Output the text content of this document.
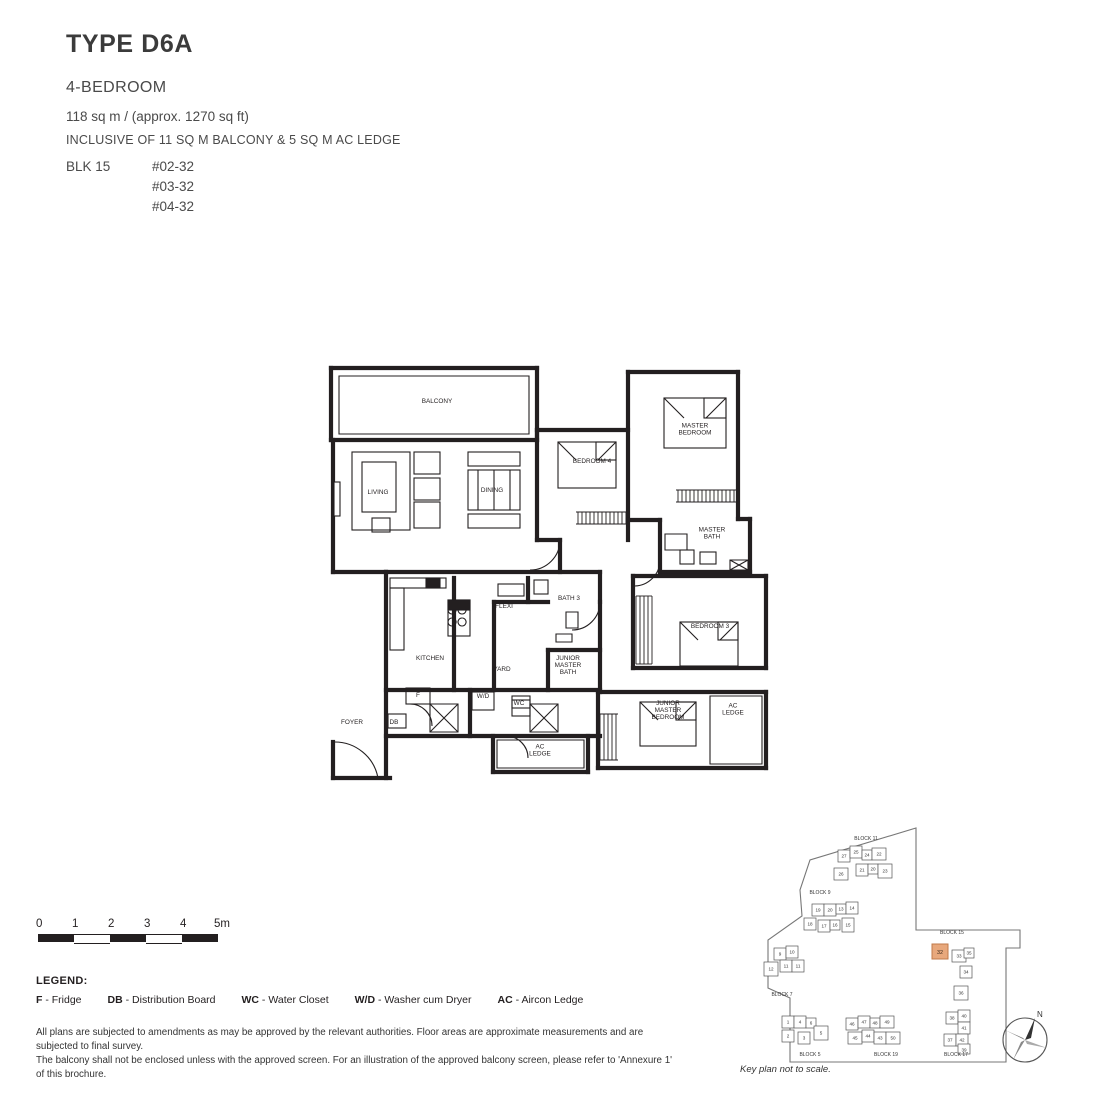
TYPE D6A
4-BEDROOM
118 sq m / (approx. 1270 sq ft)
INCLUSIVE OF 11 SQ M BALCONY & 5 SQ M AC LEDGE
BLK 15	#02-32
#03-32
#04-32
BALCONY
LIVING	DINING
BEDROOM 4
MASTER BEDROOM
MASTER BATH
FLEXI
BATH 3
BEDROOM 3
KITCHEN
YARD
JUNIOR MASTER BATH
JUNIOR MASTER BEDROOM
AC LEDGE
AC LEDGE
FOYER
F
DB
W/D
WC
0	1	2	3	4 5m
LEGEND:
F - Fridge DB - Distribution Board WC - Water Closet W/D - Washer cum Dryer AC - Aircon Ledge
All plans are subjected to amendments as may be approved by the relevant authorities. Floor areas are approximate measurements and are subjected to final survey.
The balcony shall not be enclosed unless with the approved screen. For an illustration of the approved balcony screen, please refer to 'Annexure 1' of this brochure.
27
25
24 22
26
21 20 23
19 20 13 14
18 17 16 15
9 10
11
12
11
1 4 6
2	3
5
46 47 48 49
45 44 43 50
38 40
41
37 42
39
36
34
33
35
32
BLOCK 11
BLOCK 9
BLOCK 7
BLOCK 5	BLOCK 19	BLOCK 17
BLOCK 15
Key plan not to scale.
N
